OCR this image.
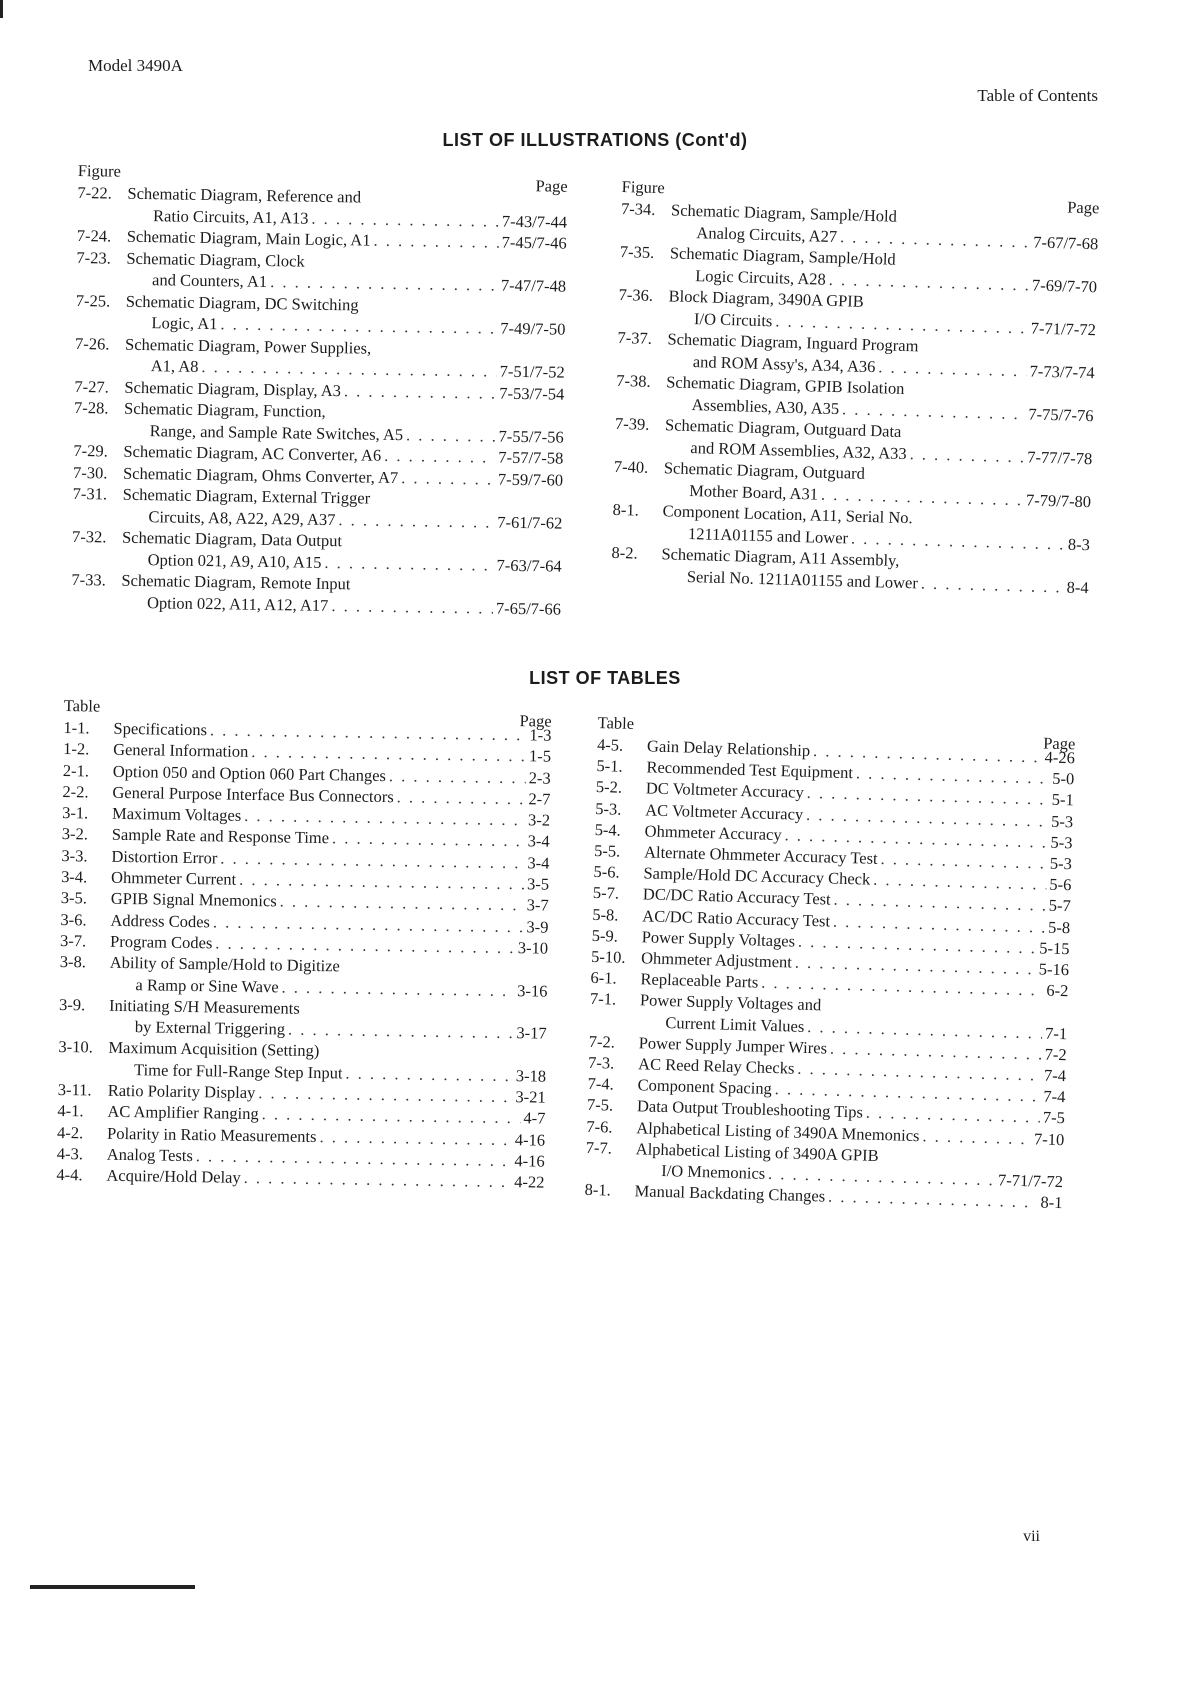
Model 3490A
Table of Contents
LIST OF ILLUSTRATIONS (Cont'd)
Figure
Page
7-22. Schematic Diagram, Reference and
Ratio Circuits, A1, A13 . . .	7-43/7-44
7-24. Schematic Diagram, Main Logic, A1 . . .	7-45/7-46
7-23. Schematic Diagram, Clock
and Counters, A1 . . .	7-47/7-48
7-25. Schematic Diagram, DC Switching
Logic, A1 . . .	7-49/7-50
7-26. Schematic Diagram, Power Supplies,
A1, A8 . . .	7-51/7-52
7-27. Schematic Diagram, Display, A3 . . .	7-53/7-54
7-28. Schematic Diagram, Function,
Range, and Sample Rate Switches, A5 . . .	7-55/7-56
7-29. Schematic Diagram, AC Converter, A6 . . .	7-57/7-58
7-30. Schematic Diagram, Ohms Converter, A7 . . .	7-59/7-60
7-31. Schematic Diagram, External Trigger
Circuits, A8, A22, A29, A37 . . .	7-61/7-62
7-32. Schematic Diagram, Data Output
Option 021, A9, A10, A15 . . .	7-63/7-64
7-33. Schematic Diagram, Remote Input
Option 022, A11, A12, A17 . . .	7-65/7-66
Figure
Page
7-34. Schematic Diagram, Sample/Hold
Analog Circuits, A27 . . .	7-67/7-68
7-35. Schematic Diagram, Sample/Hold
Logic Circuits, A28 . . .	7-69/7-70
7-36. Block Diagram, 3490A GPIB
I/O Circuits . . .	7-71/7-72
7-37. Schematic Diagram, Inguard Program
and ROM Assy's, A34, A36 . . .	7-73/7-74
7-38. Schematic Diagram, GPIB Isolation
Assemblies, A30, A35 . . .	7-75/7-76
7-39. Schematic Diagram, Outguard Data
and ROM Assemblies, A32, A33 . . .	7-77/7-78
7-40. Schematic Diagram, Outguard
Mother Board, A31 . . .	7-79/7-80
8-1. Component Location, A11, Serial No.
1211A01155 and Lower . . .	8-3
8-2. Schematic Diagram, A11 Assembly,
Serial No. 1211A01155 and Lower . . .	8-4
LIST OF TABLES
Table
Page
1-1. Specifications . . .	1-3
1-2. General Information . . .	1-5
2-1. Option 050 and Option 060 Part Changes . . .	2-3
2-2. General Purpose Interface Bus Connectors . . .	2-7
3-1. Maximum Voltages . . .	3-2
3-2. Sample Rate and Response Time . . .	3-4
3-3. Distortion Error . . .	3-4
3-4. Ohmmeter Current . . .	3-5
3-5. GPIB Signal Mnemonics . . .	3-7
3-6. Address Codes . . .	3-9
3-7. Program Codes . . .	3-10
3-8. Ability of Sample/Hold to Digitize
a Ramp or Sine Wave . . .	3-16
3-9. Initiating S/H Measurements
by External Triggering . . .	3-17
3-10. Maximum Acquisition (Setting)
Time for Full-Range Step Input . . .	3-18
3-11. Ratio Polarity Display . . .	3-21
4-1. AC Amplifier Ranging . . .	4-7
4-2. Polarity in Ratio Measurements . . .	4-16
4-3. Analog Tests . . .	4-16
4-4. Acquire/Hold Delay . . .	4-22
Table
Page
4-5. Gain Delay Relationship . . .	4-26
5-1. Recommended Test Equipment . . .	5-0
5-2. DC Voltmeter Accuracy . . .	5-1
5-3. AC Voltmeter Accuracy . . .	5-3
5-4. Ohmmeter Accuracy . . .	5-3
5-5. Alternate Ohmmeter Accuracy Test . . .	5-3
5-6. Sample/Hold DC Accuracy Check . . .	5-6
5-7. DC/DC Ratio Accuracy Test . . .	5-7
5-8. AC/DC Ratio Accuracy Test . . .	5-8
5-9. Power Supply Voltages . . .	5-15
5-10. Ohmmeter Adjustment . . .	5-16
6-1. Replaceable Parts . . .	6-2
7-1. Power Supply Voltages and
Current Limit Values . . .	7-1
7-2. Power Supply Jumper Wires . . .	7-2
7-3. AC Reed Relay Checks . . .	7-4
7-4. Component Spacing . . .	7-4
7-5. Data Output Troubleshooting Tips . . .	7-5
7-6. Alphabetical Listing of 3490A Mnemonics . . .	7-10
7-7. Alphabetical Listing of 3490A GPIB
I/O Mnemonics . . .	7-71/7-72
8-1. Manual Backdating Changes . . .	8-1
vii
